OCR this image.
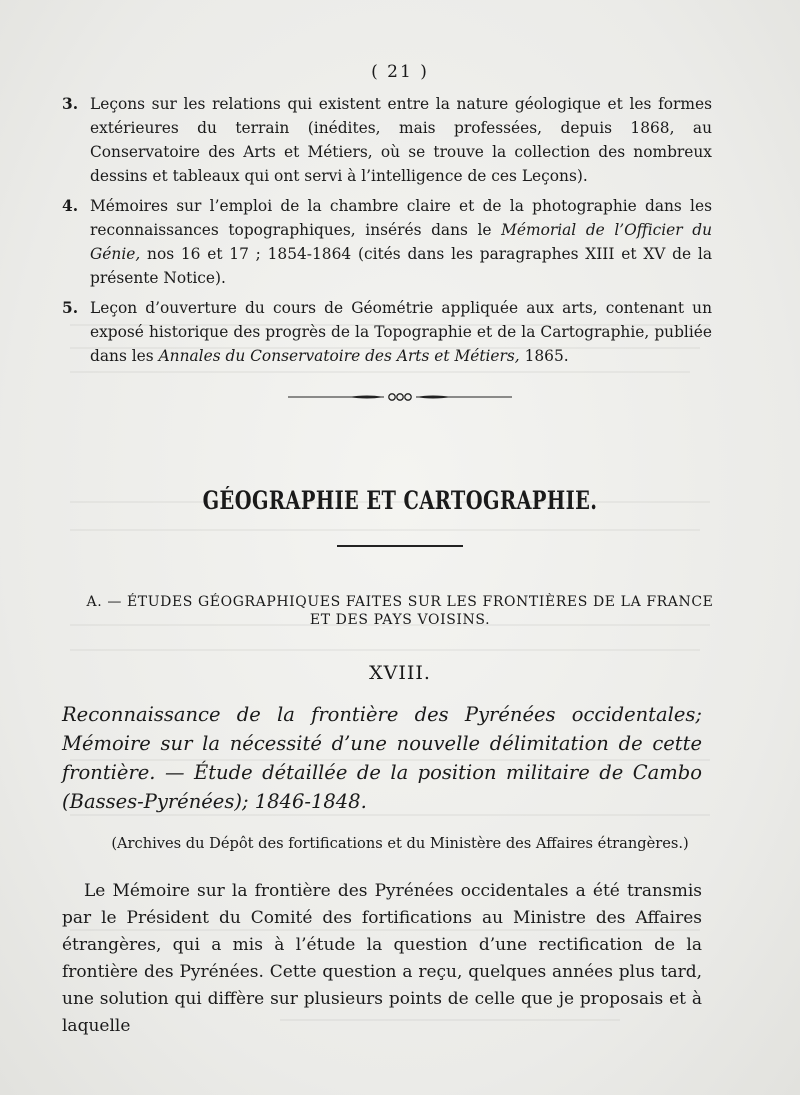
( 21 )
3. Leçons sur les relations qui existent entre la nature géologique et les formes extérieures du terrain (inédites, mais professées, depuis 1868, au Conservatoire des Arts et Métiers, où se trouve la collection des nombreux dessins et tableaux qui ont servi à l’intelligence de ces Leçons).
4. Mémoires sur l’emploi de la chambre claire et de la photographie dans les reconnaissances topographiques, insérés dans le Mémorial de l’Officier du Génie, nos 16 et 17 ; 1854-1864 (cités dans les paragraphes XIII et XV de la présente Notice).
5. Leçon d’ouverture du cours de Géométrie appliquée aux arts, contenant un exposé historique des progrès de la Topographie et de la Cartographie, publiée dans les Annales du Conservatoire des Arts et Métiers, 1865.
GÉOGRAPHIE ET CARTOGRAPHIE.
A. — ÉTUDES GÉOGRAPHIQUES FAITES SUR LES FRONTIÈRES DE LA FRANCE
ET DES PAYS VOISINS.
XVIII.
Reconnaissance de la frontière des Pyrénées occidentales; Mémoire sur la nécessité d’une nouvelle délimitation de cette frontière. — Étude détaillée de la position militaire de Cambo (Basses-Pyrénées); 1846-1848.
(Archives du Dépôt des fortifications et du Ministère des Affaires étrangères.)
Le Mémoire sur la frontière des Pyrénées occidentales a été transmis par le Président du Comité des fortifications au Ministre des Affaires étrangères, qui a mis à l’étude la question d’une rectification de la frontière des Pyrénées. Cette question a reçu, quelques années plus tard, une solution qui diffère sur plusieurs points de celle que je proposais et à laquelle
